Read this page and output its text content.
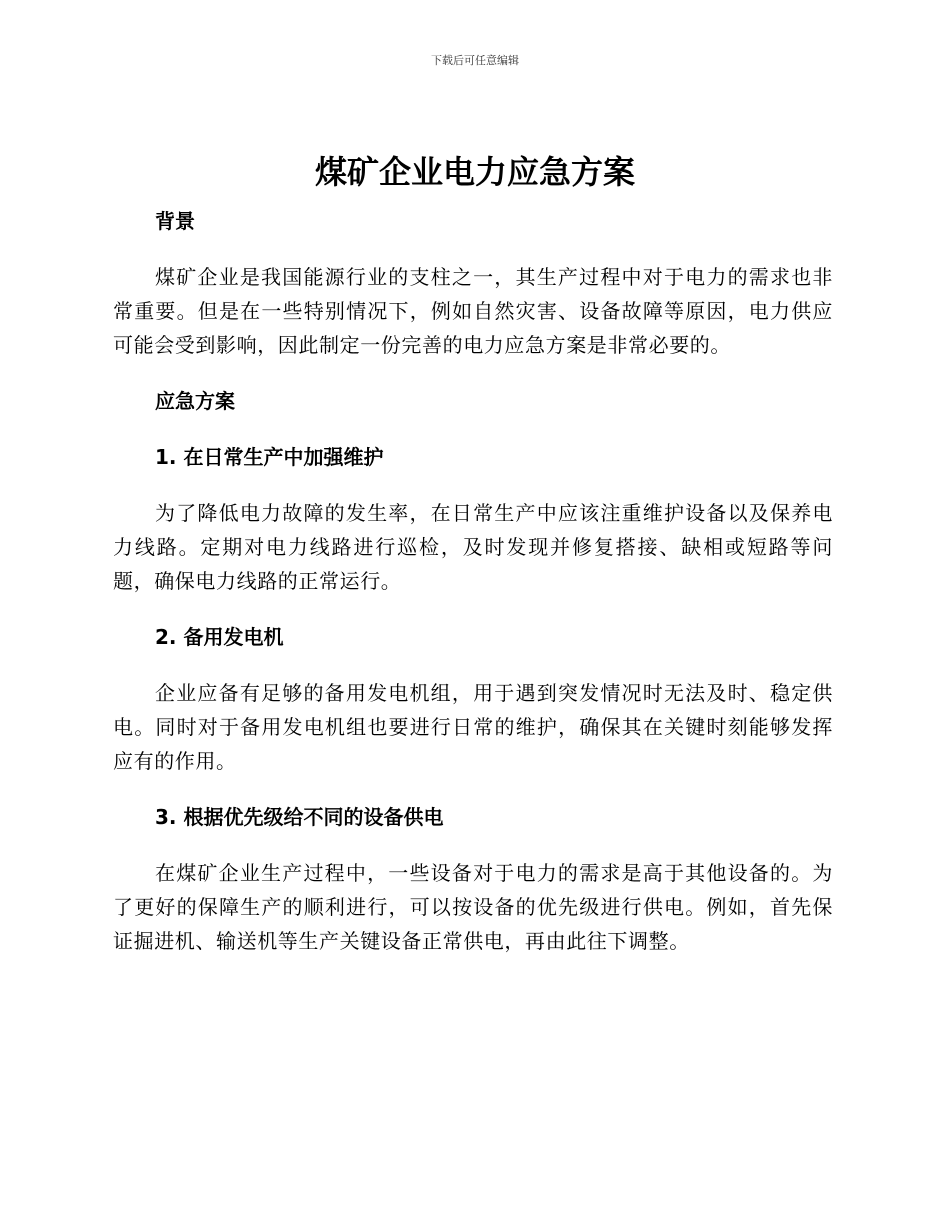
下载后可任意编辑
煤矿企业电力应急方案
背景

煤矿企业是我国能源行业的支柱之一，其生产过程中对于电力的需求也非常重要。但是在一些特别情况下，例如自然灾害、设备故障等原因，电力供应可能会受到影响，因此制定一份完善的电力应急方案是非常必要的。

应急方案
1. 在日常生产中加强维护

为了降低电力故障的发生率，在日常生产中应该注重维护设备以及保养电力线路。定期对电力线路进行巡检，及时发现并修复搭接、缺相或短路等问题，确保电力线路的正常运行。

2. 备用发电机

企业应备有足够的备用发电机组，用于遇到突发情况时无法及时、稳定供电。同时对于备用发电机组也要进行日常的维护，确保其在关键时刻能够发挥应有的作用。

3. 根据优先级给不同的设备供电

在煤矿企业生产过程中，一些设备对于电力的需求是高于其他设备的。为了更好的保障生产的顺利进行，可以按设备的优先级进行供电。例如，首先保证掘进机、输送机等生产关键设备正常供电，再由此往下调整。
